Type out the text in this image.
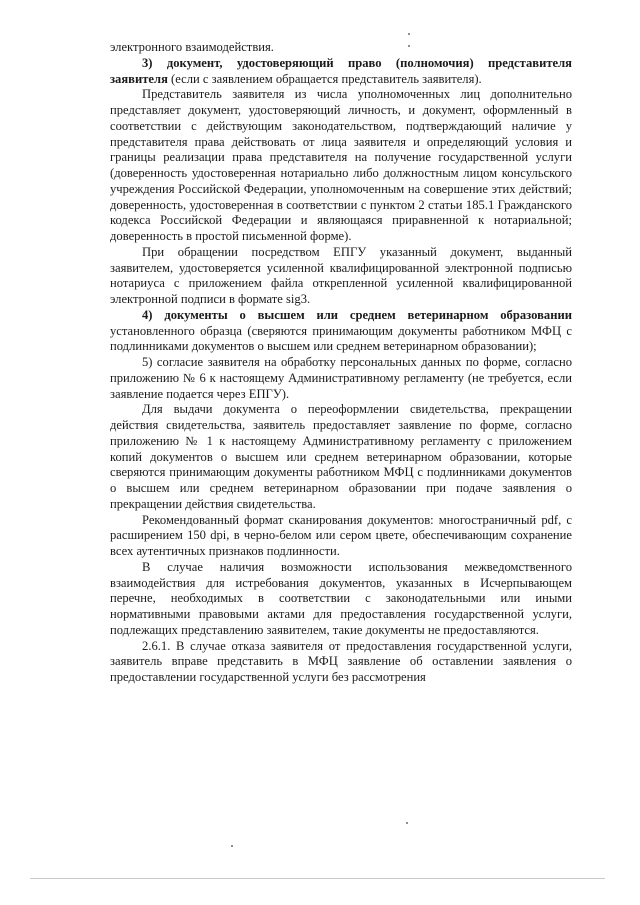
электронного взаимодействия.

3) документ, удостоверяющий право (полномочия) представителя заявителя (если с заявлением обращается представитель заявителя).

Представитель заявителя из числа уполномоченных лиц дополнительно представляет документ, удостоверяющий личность, и документ, оформленный в соответствии с действующим законодательством, подтверждающий наличие у представителя права действовать от лица заявителя и определяющий условия и границы реализации права представителя на получение государственной услуги (доверенность удостоверенная нотариально либо должностным лицом консульского учреждения Российской Федерации, уполномоченным на совершение этих действий; доверенность, удостоверенная в соответствии с пунктом 2 статьи 185.1 Гражданского кодекса Российской Федерации и являющаяся приравненной к нотариальной; доверенность в простой письменной форме).

При обращении посредством ЕПГУ указанный документ, выданный заявителем, удостоверяется усиленной квалифицированной электронной подписью нотариуса с приложением файла открепленной усиленной квалифицированной электронной подписи в формате sig3.

4) документы о высшем или среднем ветеринарном образовании установленного образца (сверяются принимающим документы работником МФЦ с подлинниками документов о высшем или среднем ветеринарном образовании);

5) согласие заявителя на обработку персональных данных по форме, согласно приложению № 6 к настоящему Административному регламенту (не требуется, если заявление подается через ЕПГУ).

Для выдачи документа о переоформлении свидетельства, прекращении действия свидетельства, заявитель предоставляет заявление по форме, согласно приложению № 1 к настоящему Административному регламенту с приложением копий документов о высшем или среднем ветеринарном образовании, которые сверяются принимающим документы работником МФЦ с подлинниками документов о высшем или среднем ветеринарном образовании при подаче заявления о прекращении действия свидетельства.

Рекомендованный формат сканирования документов: многостраничный pdf, с расширением 150 dpi, в черно-белом или сером цвете, обеспечивающим сохранение всех аутентичных признаков подлинности.

В случае наличия возможности использования межведомственного взаимодействия для истребования документов, указанных в Исчерпывающем перечне, необходимых в соответствии с законодательными или иными нормативными правовыми актами для предоставления государственной услуги, подлежащих представлению заявителем, такие документы не предоставляются.

2.6.1. В случае отказа заявителя от предоставления государственной услуги, заявитель вправе представить в МФЦ заявление об оставлении заявления о предоставлении государственной услуги без рассмотрения
